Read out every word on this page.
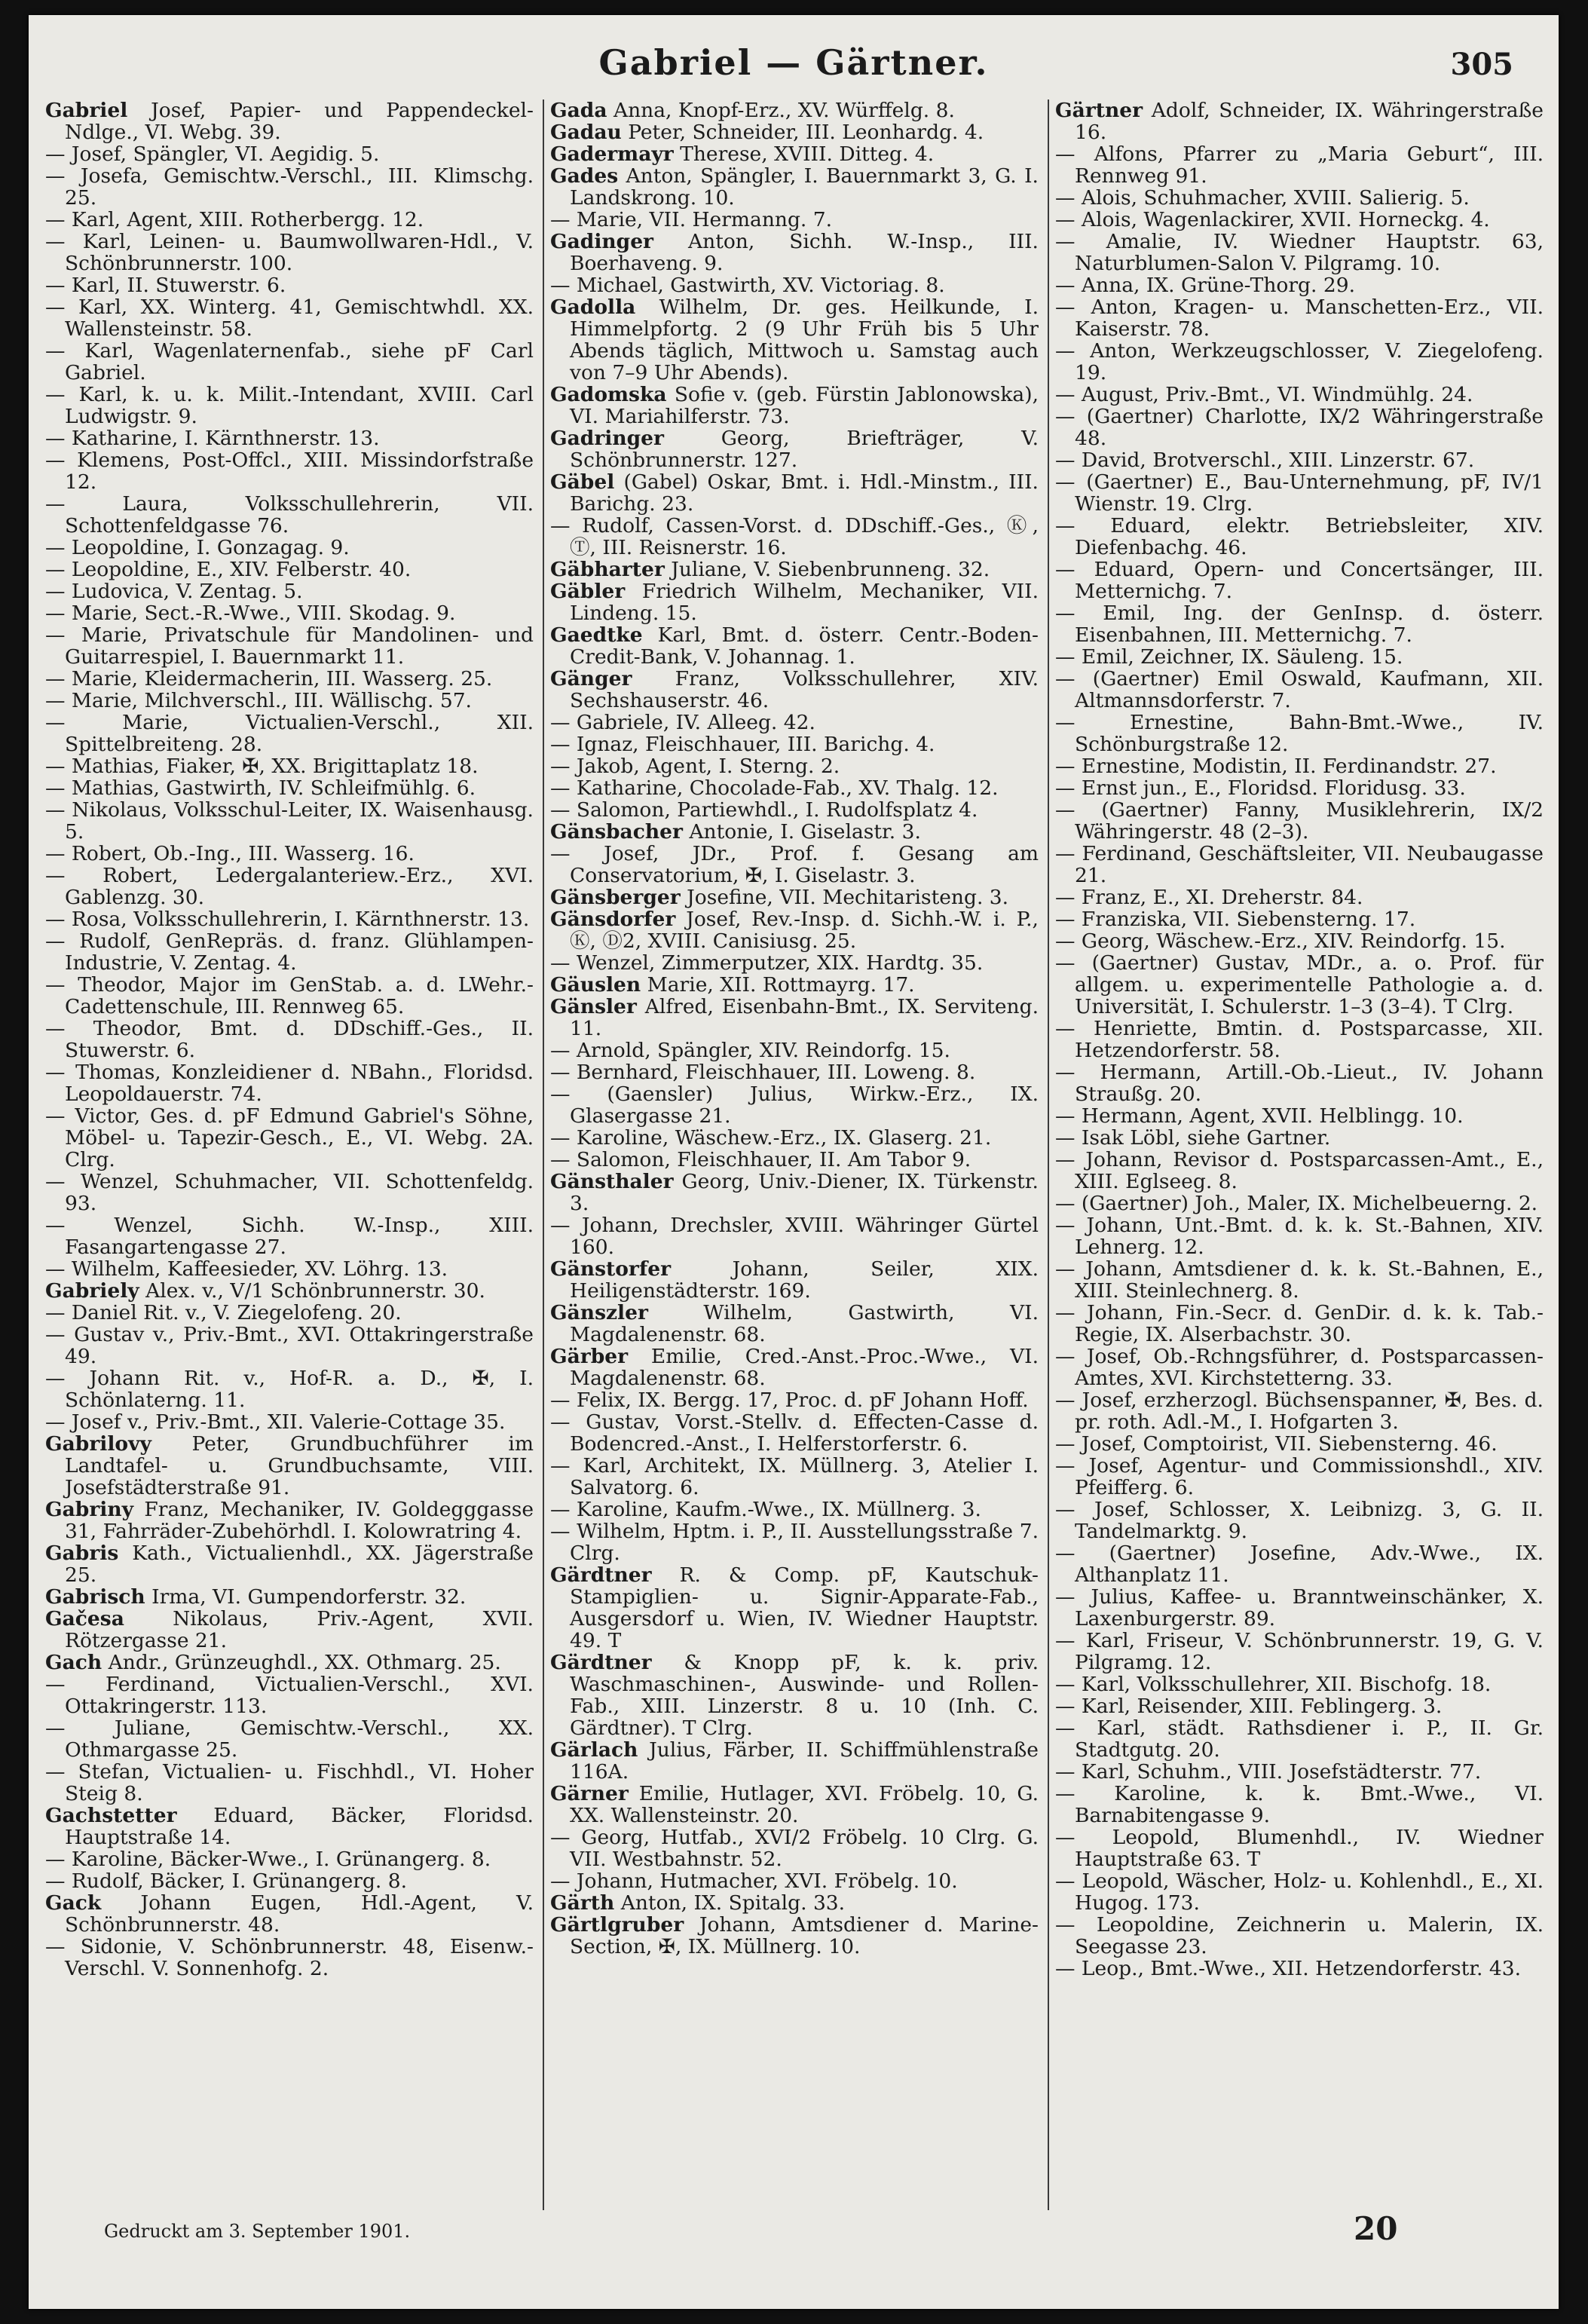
Gabriel — Gärtner.	305

Gabriel Josef, Papier- und Pappendeckel-Ndlge., VI. Webg. 39.

— Josef, Spängler, VI. Aegidig. 5.

— Josefa, Gemischtw.-Verschl., III. Klimschg. 25.

— Karl, Agent, XIII. Rotherbergg. 12.

— Karl, Leinen- u. Baumwollwaren-Hdl., V. Schönbrunnerstr. 100.

— Karl, II. Stuwerstr. 6.

— Karl, XX. Winterg. 41, Gemischtwhdl. XX. Wallensteinstr. 58.

— Karl, Wagenlaternenfab., siehe pF Carl Gabriel.

— Karl, k. u. k. Milit.-Intendant, XVIII. Carl Ludwigstr. 9.

— Katharine, I. Kärnthnerstr. 13.

— Klemens, Post-Offcl., XIII. Missindorfstraße 12.

— Laura, Volksschullehrerin, VII. Schottenfeldgasse 76.

— Leopoldine, I. Gonzagag. 9.

— Leopoldine, E., XIV. Felberstr. 40.

— Ludovica, V. Zentag. 5.

— Marie, Sect.-R.-Wwe., VIII. Skodag. 9.

— Marie, Privatschule für Mandolinen- und Guitarrespiel, I. Bauernmarkt 11.

— Marie, Kleidermacherin, III. Wasserg. 25.

— Marie, Milchverschl., III. Wällischg. 57.

— Marie, Victualien-Verschl., XII. Spittelbreiteng. 28.

— Mathias, Fiaker, ✠, XX. Brigittaplatz 18.

— Mathias, Gastwirth, IV. Schleifmühlg. 6.

— Nikolaus, Volksschul-Leiter, IX. Waisenhausg. 5.

— Robert, Ob.-Ing., III. Wasserg. 16.

— Robert, Ledergalanteriew.-Erz., XVI. Gablenzg. 30.

— Rosa, Volksschullehrerin, I. Kärnthnerstr. 13.

— Rudolf, GenRepräs. d. franz. Glühlampen-Industrie, V. Zentag. 4.

— Theodor, Major im GenStab. a. d. LWehr.-Cadettenschule, III. Rennweg 65.

— Theodor, Bmt. d. DDschiff.-Ges., II. Stuwerstr. 6.

— Thomas, Konzleidiener d. NBahn., Floridsd. Leopoldauerstr. 74.

— Victor, Ges. d. pF Edmund Gabriel's Söhne, Möbel- u. Tapezir-Gesch., E., VI. Webg. 2A. Clrg.

— Wenzel, Schuhmacher, VII. Schottenfeldg. 93.

— Wenzel, Sichh. W.-Insp., XIII. Fasangartengasse 27.

— Wilhelm, Kaffeesieder, XV. Löhrg. 13.

Gabriely Alex. v., V/1 Schönbrunnerstr. 30.

— Daniel Rit. v., V. Ziegelofeng. 20.

— Gustav v., Priv.-Bmt., XVI. Ottakringerstraße 49.

— Johann Rit. v., Hof-R. a. D., ✠, I. Schönlaterng. 11.

— Josef v., Priv.-Bmt., XII. Valerie-Cottage 35.

Gabrilovy Peter, Grundbuchführer im Landtafel- u. Grundbuchsamte, VIII. Josefstädterstraße 91.

Gabriny Franz, Mechaniker, IV. Goldegggasse 31, Fahrräder-Zubehörhdl. I. Kolowratring 4.

Gabris Kath., Victualienhdl., XX. Jägerstraße 25.

Gabrisch Irma, VI. Gumpendorferstr. 32.

Gačesa Nikolaus, Priv.-Agent, XVII. Rötzergasse 21.

Gach Andr., Grünzeughdl., XX. Othmarg. 25.

— Ferdinand, Victualien-Verschl., XVI. Ottakringerstr. 113.

— Juliane, Gemischtw.-Verschl., XX. Othmargasse 25.

— Stefan, Victualien- u. Fischhdl., VI. Hoher Steig 8.

Gachstetter Eduard, Bäcker, Floridsd. Hauptstraße 14.

— Karoline, Bäcker-Wwe., I. Grünangerg. 8.

— Rudolf, Bäcker, I. Grünangerg. 8.

Gack Johann Eugen, Hdl.-Agent, V. Schönbrunnerstr. 48.

— Sidonie, V. Schönbrunnerstr. 48, Eisenw.-Verschl. V. Sonnenhofg. 2.

Gada Anna, Knopf-Erz., XV. Würffelg. 8.

Gadau Peter, Schneider, III. Leonhardg. 4.

Gadermayr Therese, XVIII. Ditteg. 4.

Gades Anton, Spängler, I. Bauernmarkt 3, G. I. Landskrong. 10.

— Marie, VII. Hermanng. 7.

Gadinger Anton, Sichh. W.-Insp., III. Boerhaveng. 9.

— Michael, Gastwirth, XV. Victoriag. 8.

Gadolla Wilhelm, Dr. ges. Heilkunde, I. Himmelpfortg. 2 (9 Uhr Früh bis 5 Uhr Abends täglich, Mittwoch u. Samstag auch von 7–9 Uhr Abends).

Gadomska Sofie v. (geb. Fürstin Jablonowska), VI. Mariahilferstr. 73.

Gadringer	Georg, Briefträger, V. Schönbrunnerstr. 127.

Gäbel (Gabel) Oskar, Bmt. i. Hdl.-Minstm., III. Barichg. 23.

— Rudolf, Cassen-Vorst. d. DDschiff.-Ges., Ⓚ, Ⓣ, III. Reisnerstr. 16.

Gäbharter Juliane, V. Siebenbrunneng. 32.

Gäbler Friedrich Wilhelm, Mechaniker, VII. Lindeng. 15.

Gaedtke Karl, Bmt. d. österr. Centr.-Boden-Credit-Bank, V. Johannag. 1.

Gänger Franz, Volksschullehrer, XIV. Sechshauserstr. 46.

— Gabriele, IV. Alleeg. 42.

— Ignaz, Fleischhauer, III. Barichg. 4.

— Jakob, Agent, I. Sterng. 2.

— Katharine, Chocolade-Fab., XV. Thalg. 12.

— Salomon, Partiewhdl., I. Rudolfsplatz 4.

Gänsbacher Antonie, I. Giselastr. 3.

— Josef, JDr., Prof. f. Gesang am Conservatorium, ✠, I. Giselastr. 3.

Gänsberger Josefine, VII. Mechitaristeng. 3.

Gänsdorfer Josef, Rev.-Insp. d. Sichh.-W. i. P., Ⓚ, Ⓓ2, XVIII. Canisiusg. 25.

— Wenzel, Zimmerputzer, XIX. Hardtg. 35.

Gäuslen Marie, XII. Rottmayrg. 17.

Gänsler Alfred, Eisenbahn-Bmt., IX. Serviteng. 11.

— Arnold, Spängler, XIV. Reindorfg. 15.

— Bernhard, Fleischhauer, III. Loweng. 8.

— (Gaensler) Julius, Wirkw.-Erz., IX. Glasergasse 21.

— Karoline, Wäschew.-Erz., IX. Glaserg. 21.

— Salomon, Fleischhauer, II. Am Tabor 9.

Gänsthaler Georg, Univ.-Diener, IX. Türkenstr. 3.

— Johann, Drechsler, XVIII. Währinger Gürtel 160.

Gänstorfer	Johann, Seiler, XIX. Heiligenstädterstr. 169.

Gänszler	Wilhelm, Gastwirth, VI. Magdalenenstr. 68.

Gärber Emilie, Cred.-Anst.-Proc.-Wwe., VI. Magdalenenstr. 68.

— Felix, IX. Bergg. 17, Proc. d. pF Johann Hoff.

— Gustav, Vorst.-Stellv. d. Effecten-Casse d. Bodencred.-Anst., I. Helferstorferstr. 6.

— Karl, Architekt, IX. Müllnerg. 3, Atelier I. Salvatorg. 6.

— Karoline, Kaufm.-Wwe., IX. Müllnerg. 3.

— Wilhelm, Hptm. i. P., II. Ausstellungsstraße 7. Clrg.

Gärdtner R. & Comp. pF, Kautschuk-Stampiglien- u. Signir-Apparate-Fab., Ausgersdorf u. Wien, IV. Wiedner Hauptstr. 49. T

Gärdtner & Knopp pF, k. k. priv. Waschmaschinen-, Auswinde- und Rollen-Fab., XIII. Linzerstr. 8 u. 10 (Inh. C. Gärdtner). T Clrg.

Gärlach Julius, Färber, II. Schiffmühlenstraße 116A.

Gärner Emilie, Hutlager, XVI. Fröbelg. 10, G. XX. Wallensteinstr. 20.

— Georg, Hutfab., XVI/2 Fröbelg. 10 Clrg. G. VII. Westbahnstr. 52.

— Johann, Hutmacher, XVI. Fröbelg. 10.

Gärth Anton, IX. Spitalg. 33.

Gärtlgruber Johann, Amtsdiener d. Marine-Section, ✠, IX. Müllnerg. 10.

Gärtner Adolf, Schneider, IX. Währingerstraße 16.

— Alfons, Pfarrer zu „Maria Geburt“, III. Rennweg 91.

— Alois, Schuhmacher, XVIII. Salierig. 5.

— Alois, Wagenlackirer, XVII. Horneckg. 4.

— Amalie, IV. Wiedner Hauptstr. 63, Naturblumen-Salon V. Pilgramg. 10.

— Anna, IX. Grüne-Thorg. 29.

— Anton, Kragen- u. Manschetten-Erz., VII. Kaiserstr. 78.

— Anton, Werkzeugschlosser, V. Ziegelofeng. 19.

— August, Priv.-Bmt., VI. Windmühlg. 24.

— (Gaertner) Charlotte, IX/2 Währingerstraße 48.

— David, Brotverschl., XIII. Linzerstr. 67.

— (Gaertner) E., Bau-Unternehmung, pF, IV/1 Wienstr. 19. Clrg.

— Eduard, elektr. Betriebsleiter, XIV. Diefenbachg. 46.

— Eduard, Opern- und Concertsänger, III. Metternichg. 7.

— Emil, Ing. der GenInsp. d. österr. Eisenbahnen, III. Metternichg. 7.

— Emil, Zeichner, IX. Säuleng. 15.

— (Gaertner) Emil Oswald, Kaufmann, XII. Altmannsdorferstr. 7.

— Ernestine, Bahn-Bmt.-Wwe., IV. Schönburgstraße 12.

— Ernestine, Modistin, II. Ferdinandstr. 27.

— Ernst jun., E., Floridsd. Floridusg. 33.

— (Gaertner) Fanny, Musiklehrerin, IX/2 Währingerstr. 48 (2–3).

— Ferdinand, Geschäftsleiter, VII. Neubaugasse 21.

— Franz, E., XI. Dreherstr. 84.

— Franziska, VII. Siebensterng. 17.

— Georg, Wäschew.-Erz., XIV. Reindorfg. 15.

— (Gaertner) Gustav, MDr., a. o. Prof. für allgem. u. experimentelle Pathologie a. d. Universität, I. Schulerstr. 1–3 (3–4). T Clrg.

— Henriette, Bmtin. d. Postsparcasse, XII. Hetzendorferstr. 58.

— Hermann, Artill.-Ob.-Lieut., IV. Johann Straußg. 20.

— Hermann, Agent, XVII. Helblingg. 10.

— Isak Löbl, siehe Gartner.

— Johann, Revisor d. Postsparcassen-Amt., E., XIII. Eglseeg. 8.

— (Gaertner) Joh., Maler, IX. Michelbeuerng. 2.

— Johann, Unt.-Bmt. d. k. k. St.-Bahnen, XIV. Lehnerg. 12.

— Johann, Amtsdiener d. k. k. St.-Bahnen, E., XIII. Steinlechnerg. 8.

— Johann, Fin.-Secr. d. GenDir. d. k. k. Tab.-Regie, IX. Alserbachstr. 30.

— Josef, Ob.-Rchngsführer, d. Postsparcassen-Amtes, XVI. Kirchstetterng. 33.

— Josef, erzherzogl. Büchsenspanner, ✠, Bes. d. pr. roth. Adl.-M., I. Hofgarten 3.

— Josef, Comptoirist, VII. Siebensterng. 46.

— Josef, Agentur- und Commissionshdl., XIV. Pfeifferg. 6.

— Josef, Schlosser, X. Leibnizg. 3, G. II. Tandelmarktg. 9.

— (Gaertner) Josefine, Adv.-Wwe., IX. Althanplatz 11.

— Julius, Kaffee- u. Branntweinschänker, X. Laxenburgerstr. 89.

— Karl, Friseur, V. Schönbrunnerstr. 19, G. V. Pilgramg. 12.

— Karl, Volksschullehrer, XII. Bischofg. 18.

— Karl, Reisender, XIII. Feblingerg. 3.

— Karl, städt. Rathsdiener i. P., II. Gr. Stadtgutg. 20.

— Karl, Schuhm., VIII. Josefstädterstr. 77.

— Karoline, k. k. Bmt.-Wwe., VI. Barnabitengasse 9.

— Leopold, Blumenhdl., IV. Wiedner Hauptstraße 63. T

— Leopold, Wäscher, Holz- u. Kohlenhdl., E., XI. Hugog. 173.

— Leopoldine, Zeichnerin u. Malerin, IX. Seegasse 23.

— Leop., Bmt.-Wwe., XII. Hetzendorferstr. 43.

Gedruckt am 3. September 1901.	20
